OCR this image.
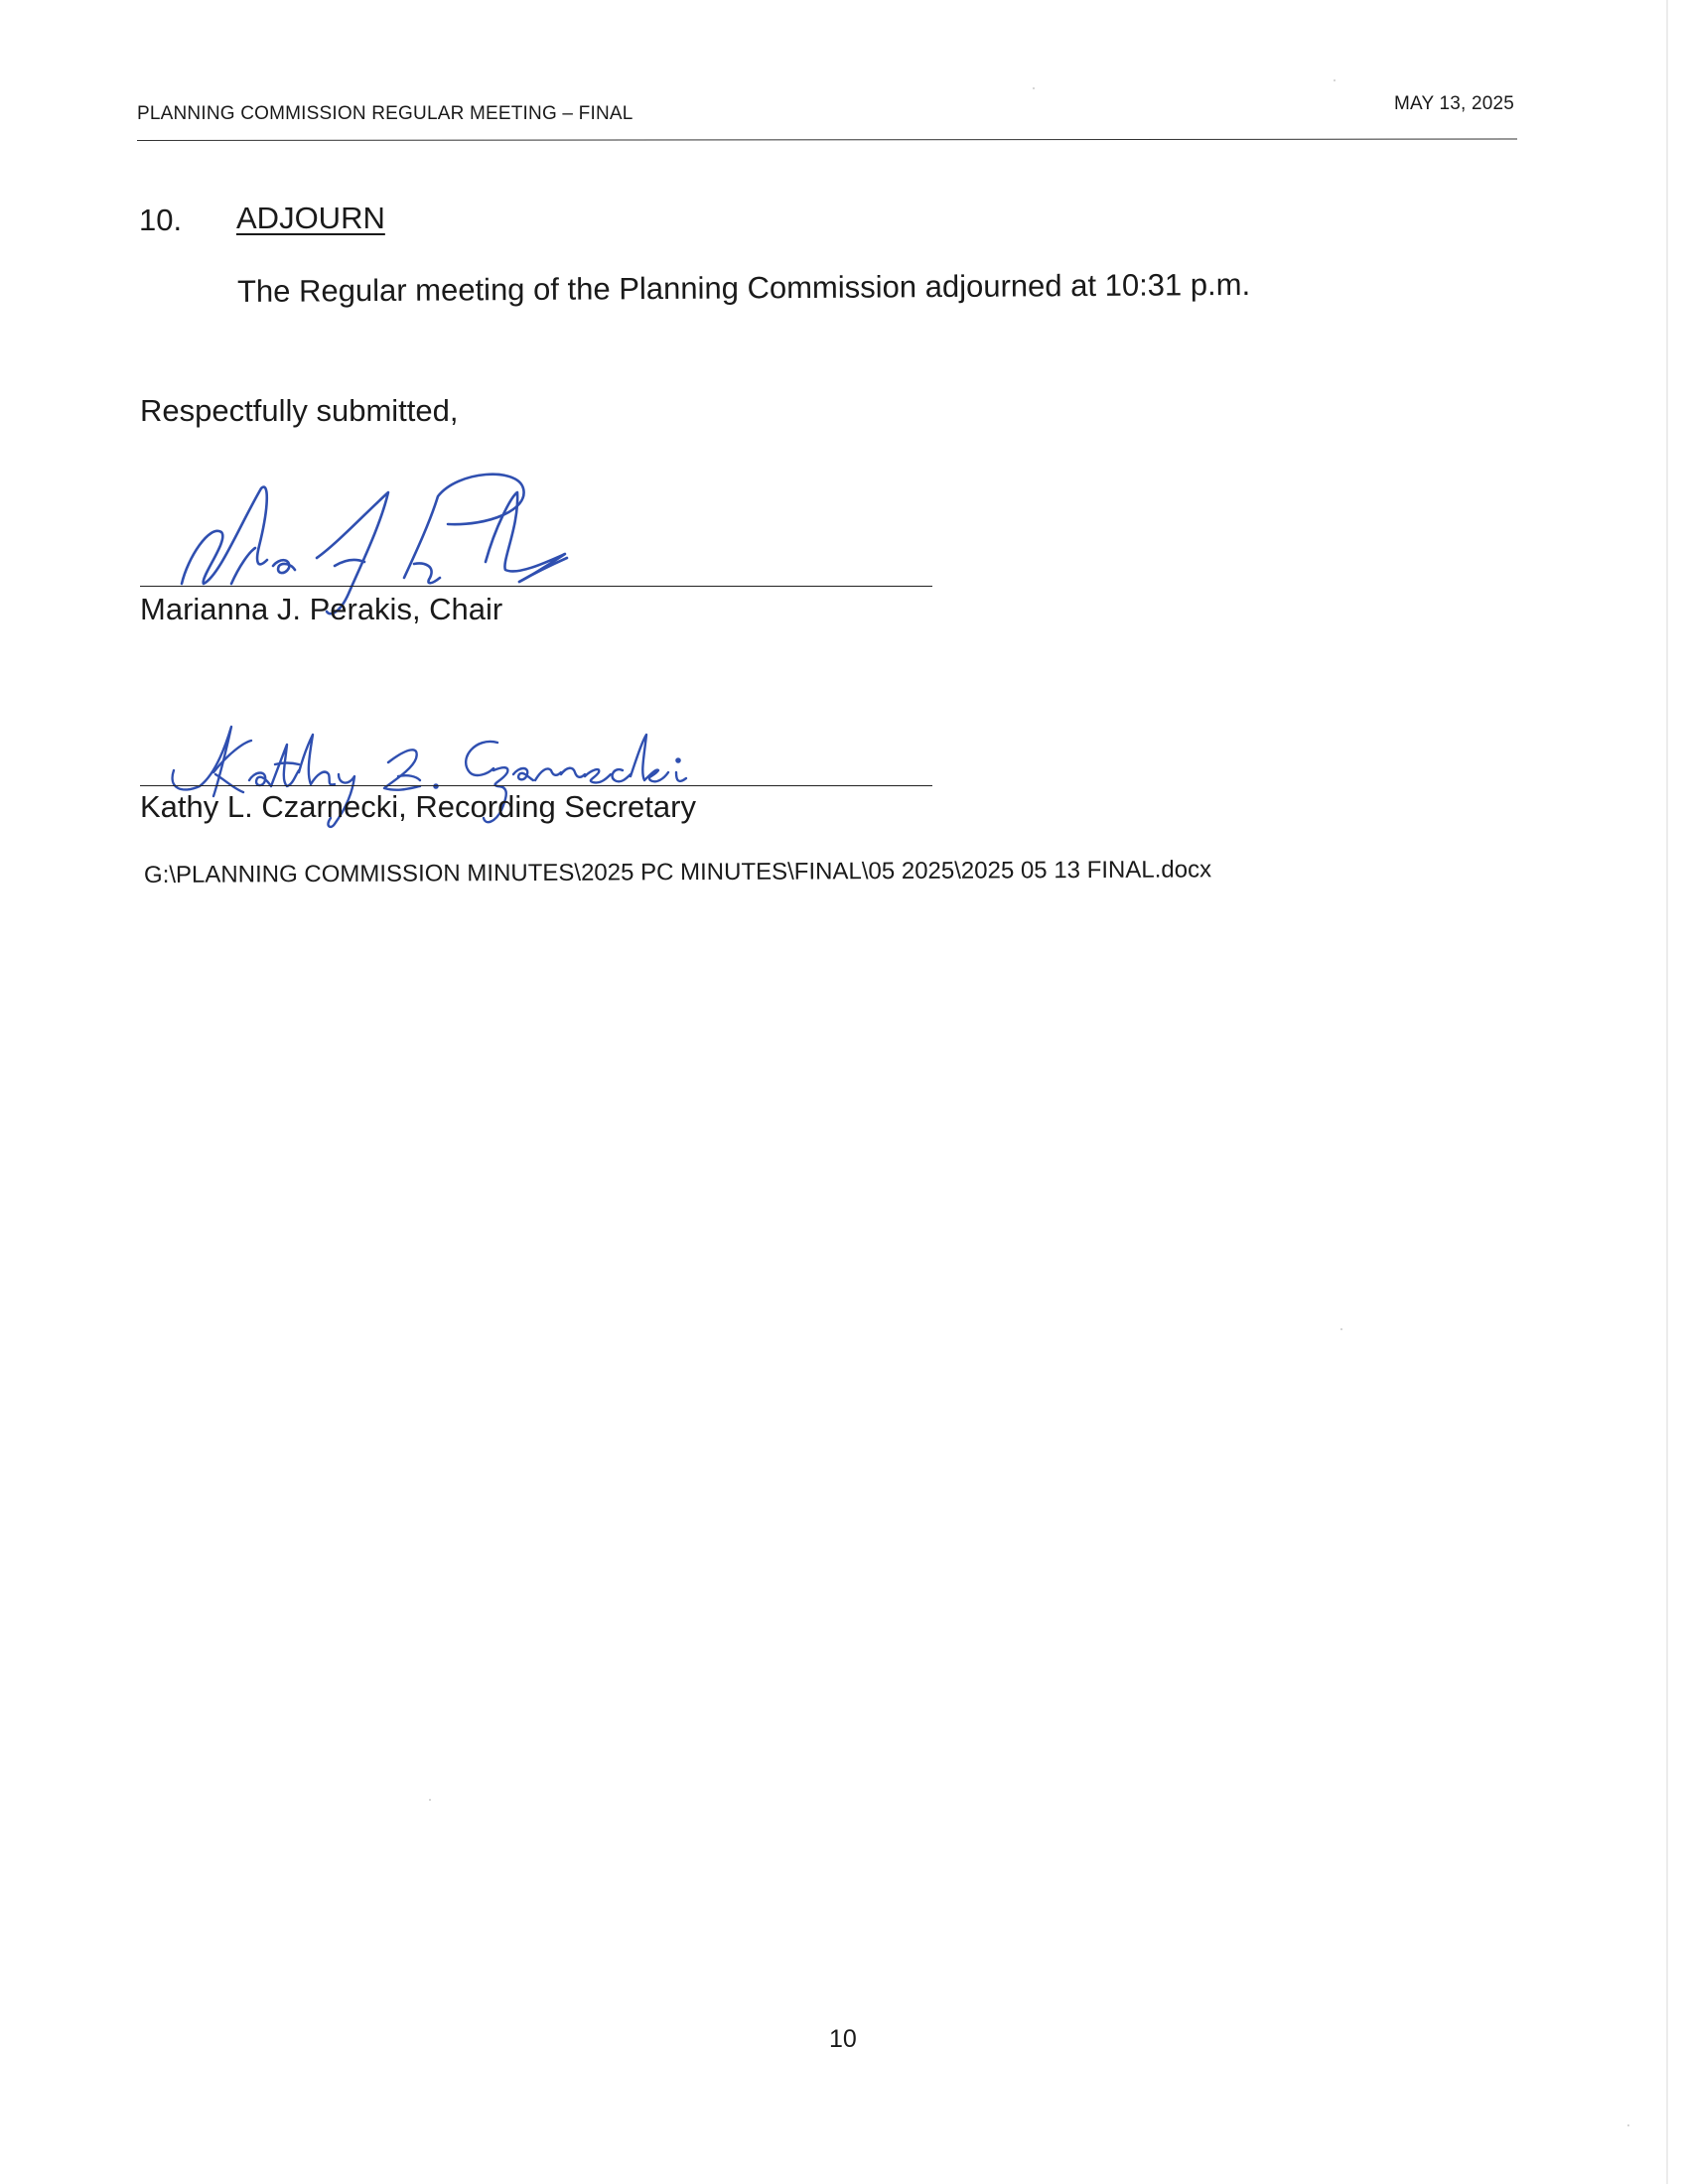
PLANNING COMMISSION REGULAR MEETING – FINAL	MAY 13, 2025
10. ADJOURN
The Regular meeting of the Planning Commission adjourned at 10:31 p.m.
Respectfully submitted,
Marianna J. Perakis, Chair
Kathy L. Czarnecki, Recording Secretary
G:\PLANNING COMMISSION MINUTES\2025 PC MINUTES\FINAL\05 2025\2025 05 13 FINAL.docx
10
